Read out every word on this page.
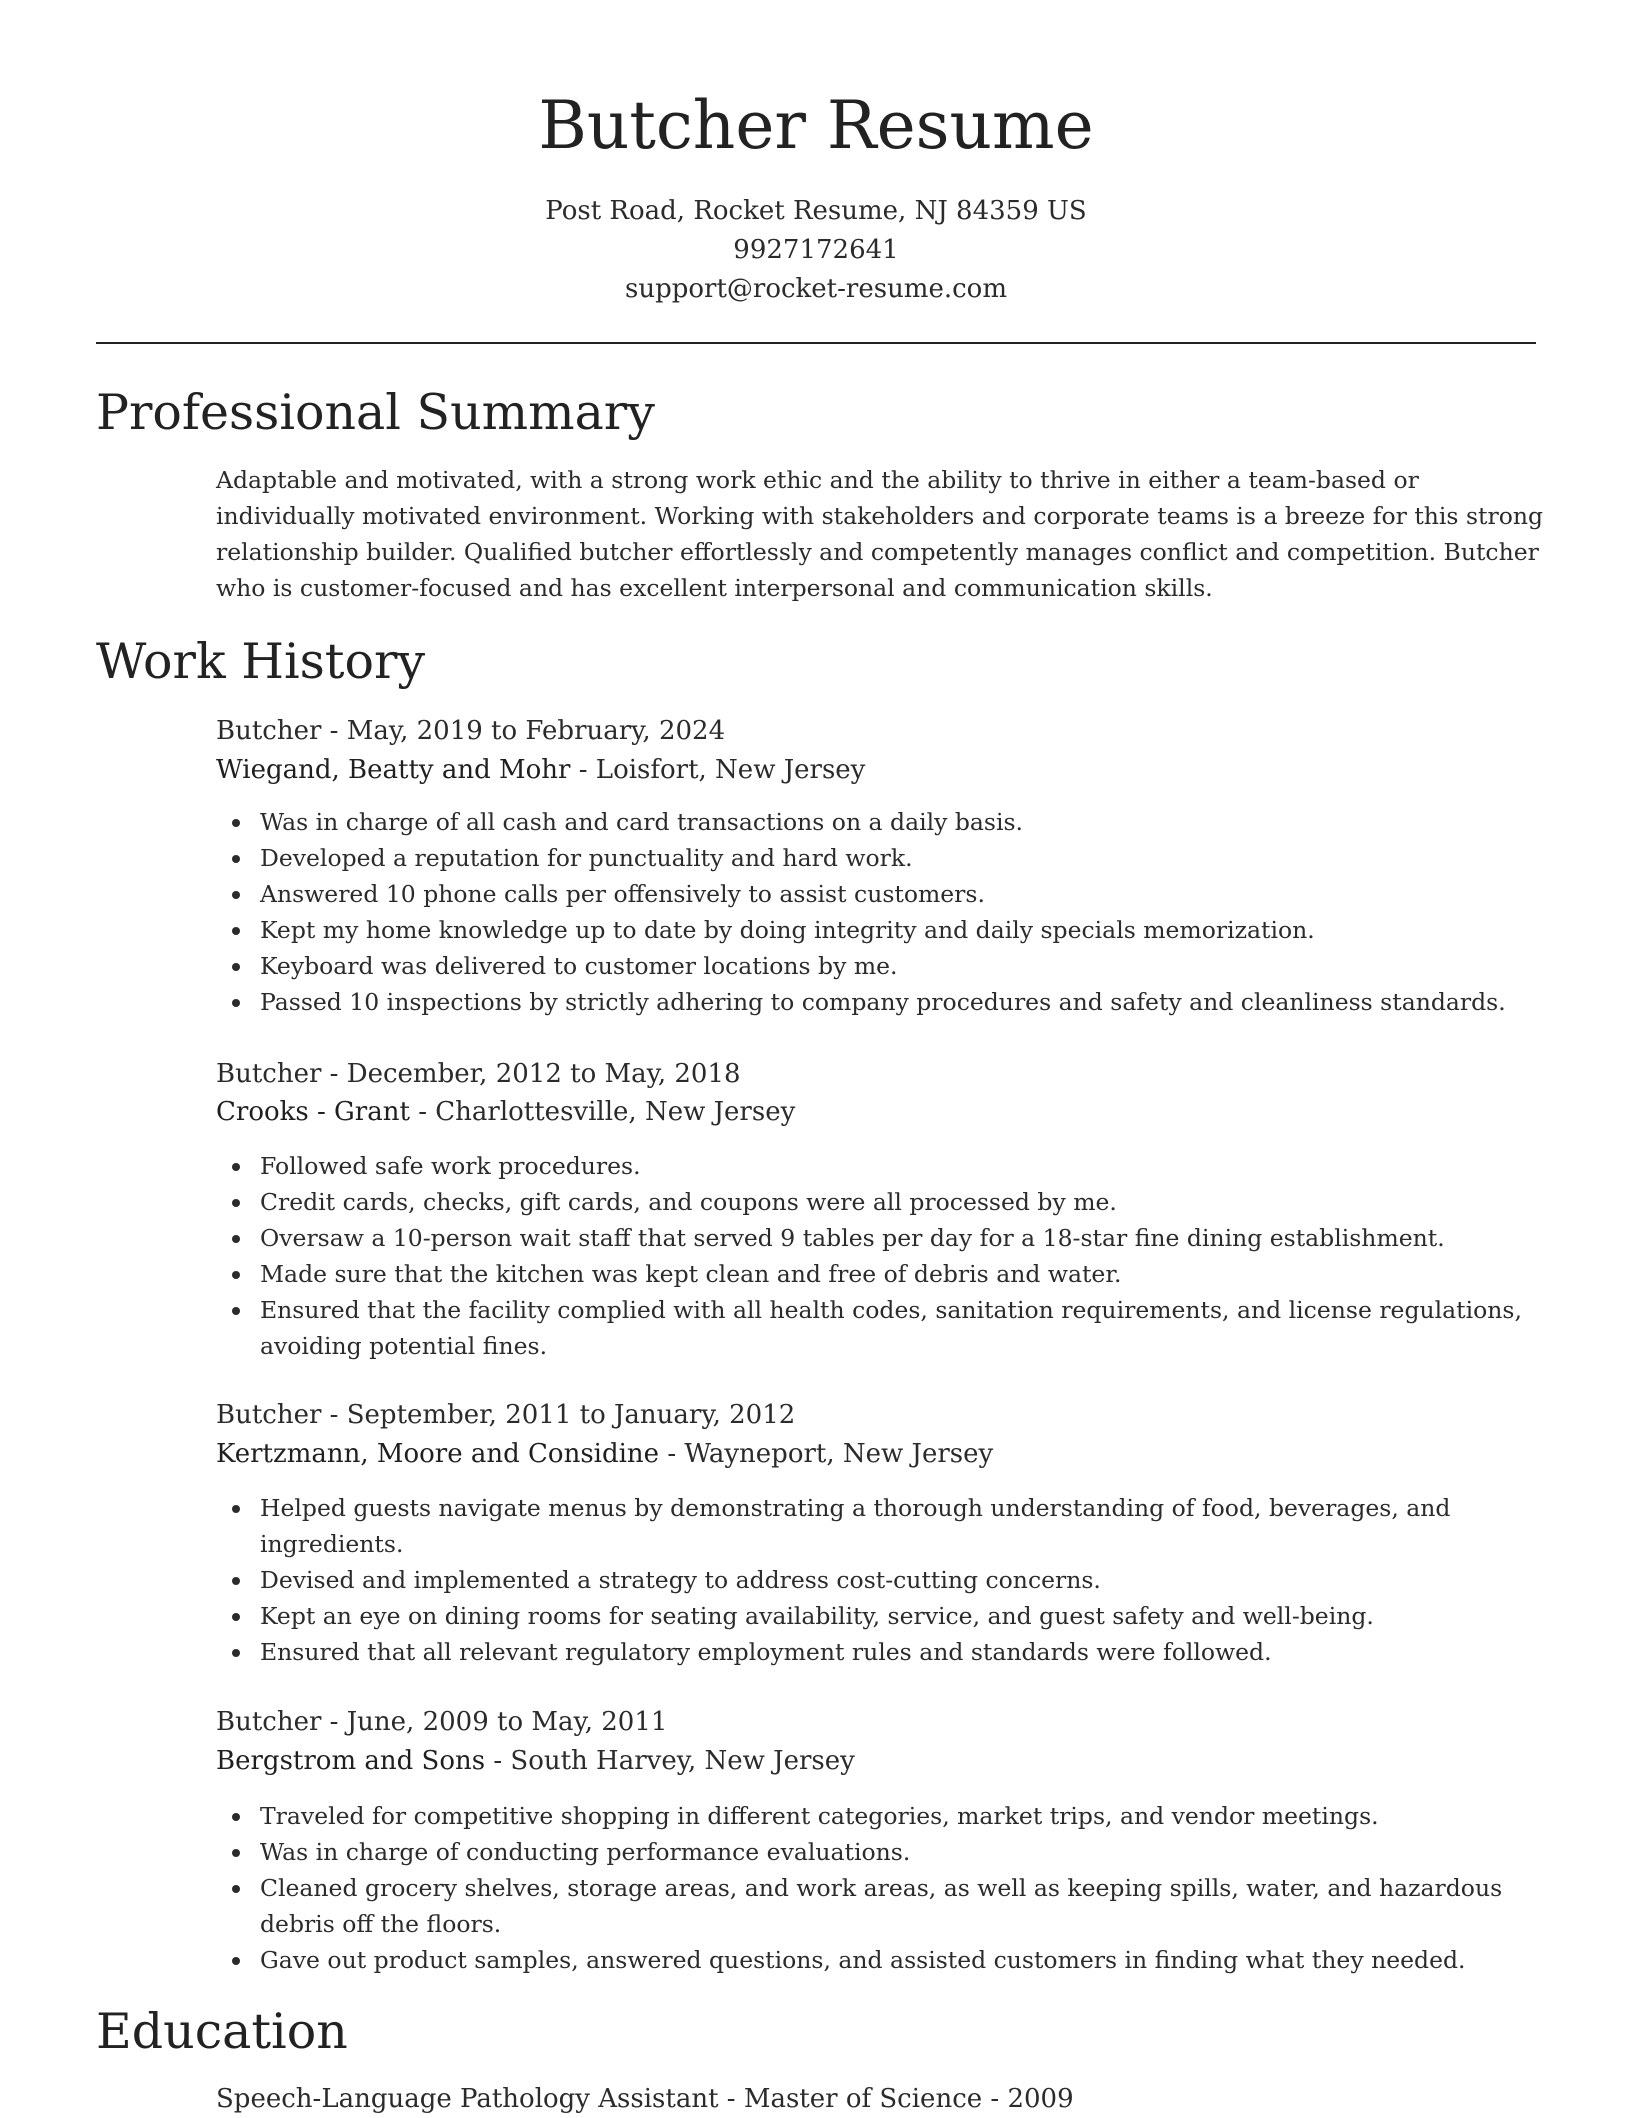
Butcher Resume
Post Road, Rocket Resume, NJ 84359 US
9927172641
support@rocket-resume.com
Professional Summary

Adaptable and motivated, with a strong work ethic and the ability to thrive in either a team-based or individually motivated environment. Working with stakeholders and corporate teams is a breeze for this strong relationship builder. Qualified butcher effortlessly and competently manages conflict and competition. Butcher who is customer-focused and has excellent interpersonal and communication skills.

Work History
Butcher - May, 2019 to February, 2024
Wiegand, Beatty and Mohr - Loisfort, New Jersey
Was in charge of all cash and card transactions on a daily basis.
Developed a reputation for punctuality and hard work.
Answered 10 phone calls per offensively to assist customers.
Kept my home knowledge up to date by doing integrity and daily specials memorization.
Keyboard was delivered to customer locations by me.
Passed 10 inspections by strictly adhering to company procedures and safety and cleanliness standards.
Butcher - December, 2012 to May, 2018
Crooks - Grant - Charlottesville, New Jersey
Followed safe work procedures.
Credit cards, checks, gift cards, and coupons were all processed by me.
Oversaw a 10-person wait staff that served 9 tables per day for a 18-star fine dining establishment.
Made sure that the kitchen was kept clean and free of debris and water.
Ensured that the facility complied with all health codes, sanitation requirements, and license regulations, avoiding potential fines.
Butcher - September, 2011 to January, 2012
Kertzmann, Moore and Considine - Wayneport, New Jersey
Helped guests navigate menus by demonstrating a thorough understanding of food, beverages, and ingredients.
Devised and implemented a strategy to address cost-cutting concerns.
Kept an eye on dining rooms for seating availability, service, and guest safety and well-being.
Ensured that all relevant regulatory employment rules and standards were followed.
Butcher - June, 2009 to May, 2011
Bergstrom and Sons - South Harvey, New Jersey
Traveled for competitive shopping in different categories, market trips, and vendor meetings.
Was in charge of conducting performance evaluations.
Cleaned grocery shelves, storage areas, and work areas, as well as keeping spills, water, and hazardous debris off the floors.
Gave out product samples, answered questions, and assisted customers in finding what they needed.
Education
Speech-Language Pathology Assistant - Master of Science - 2009
